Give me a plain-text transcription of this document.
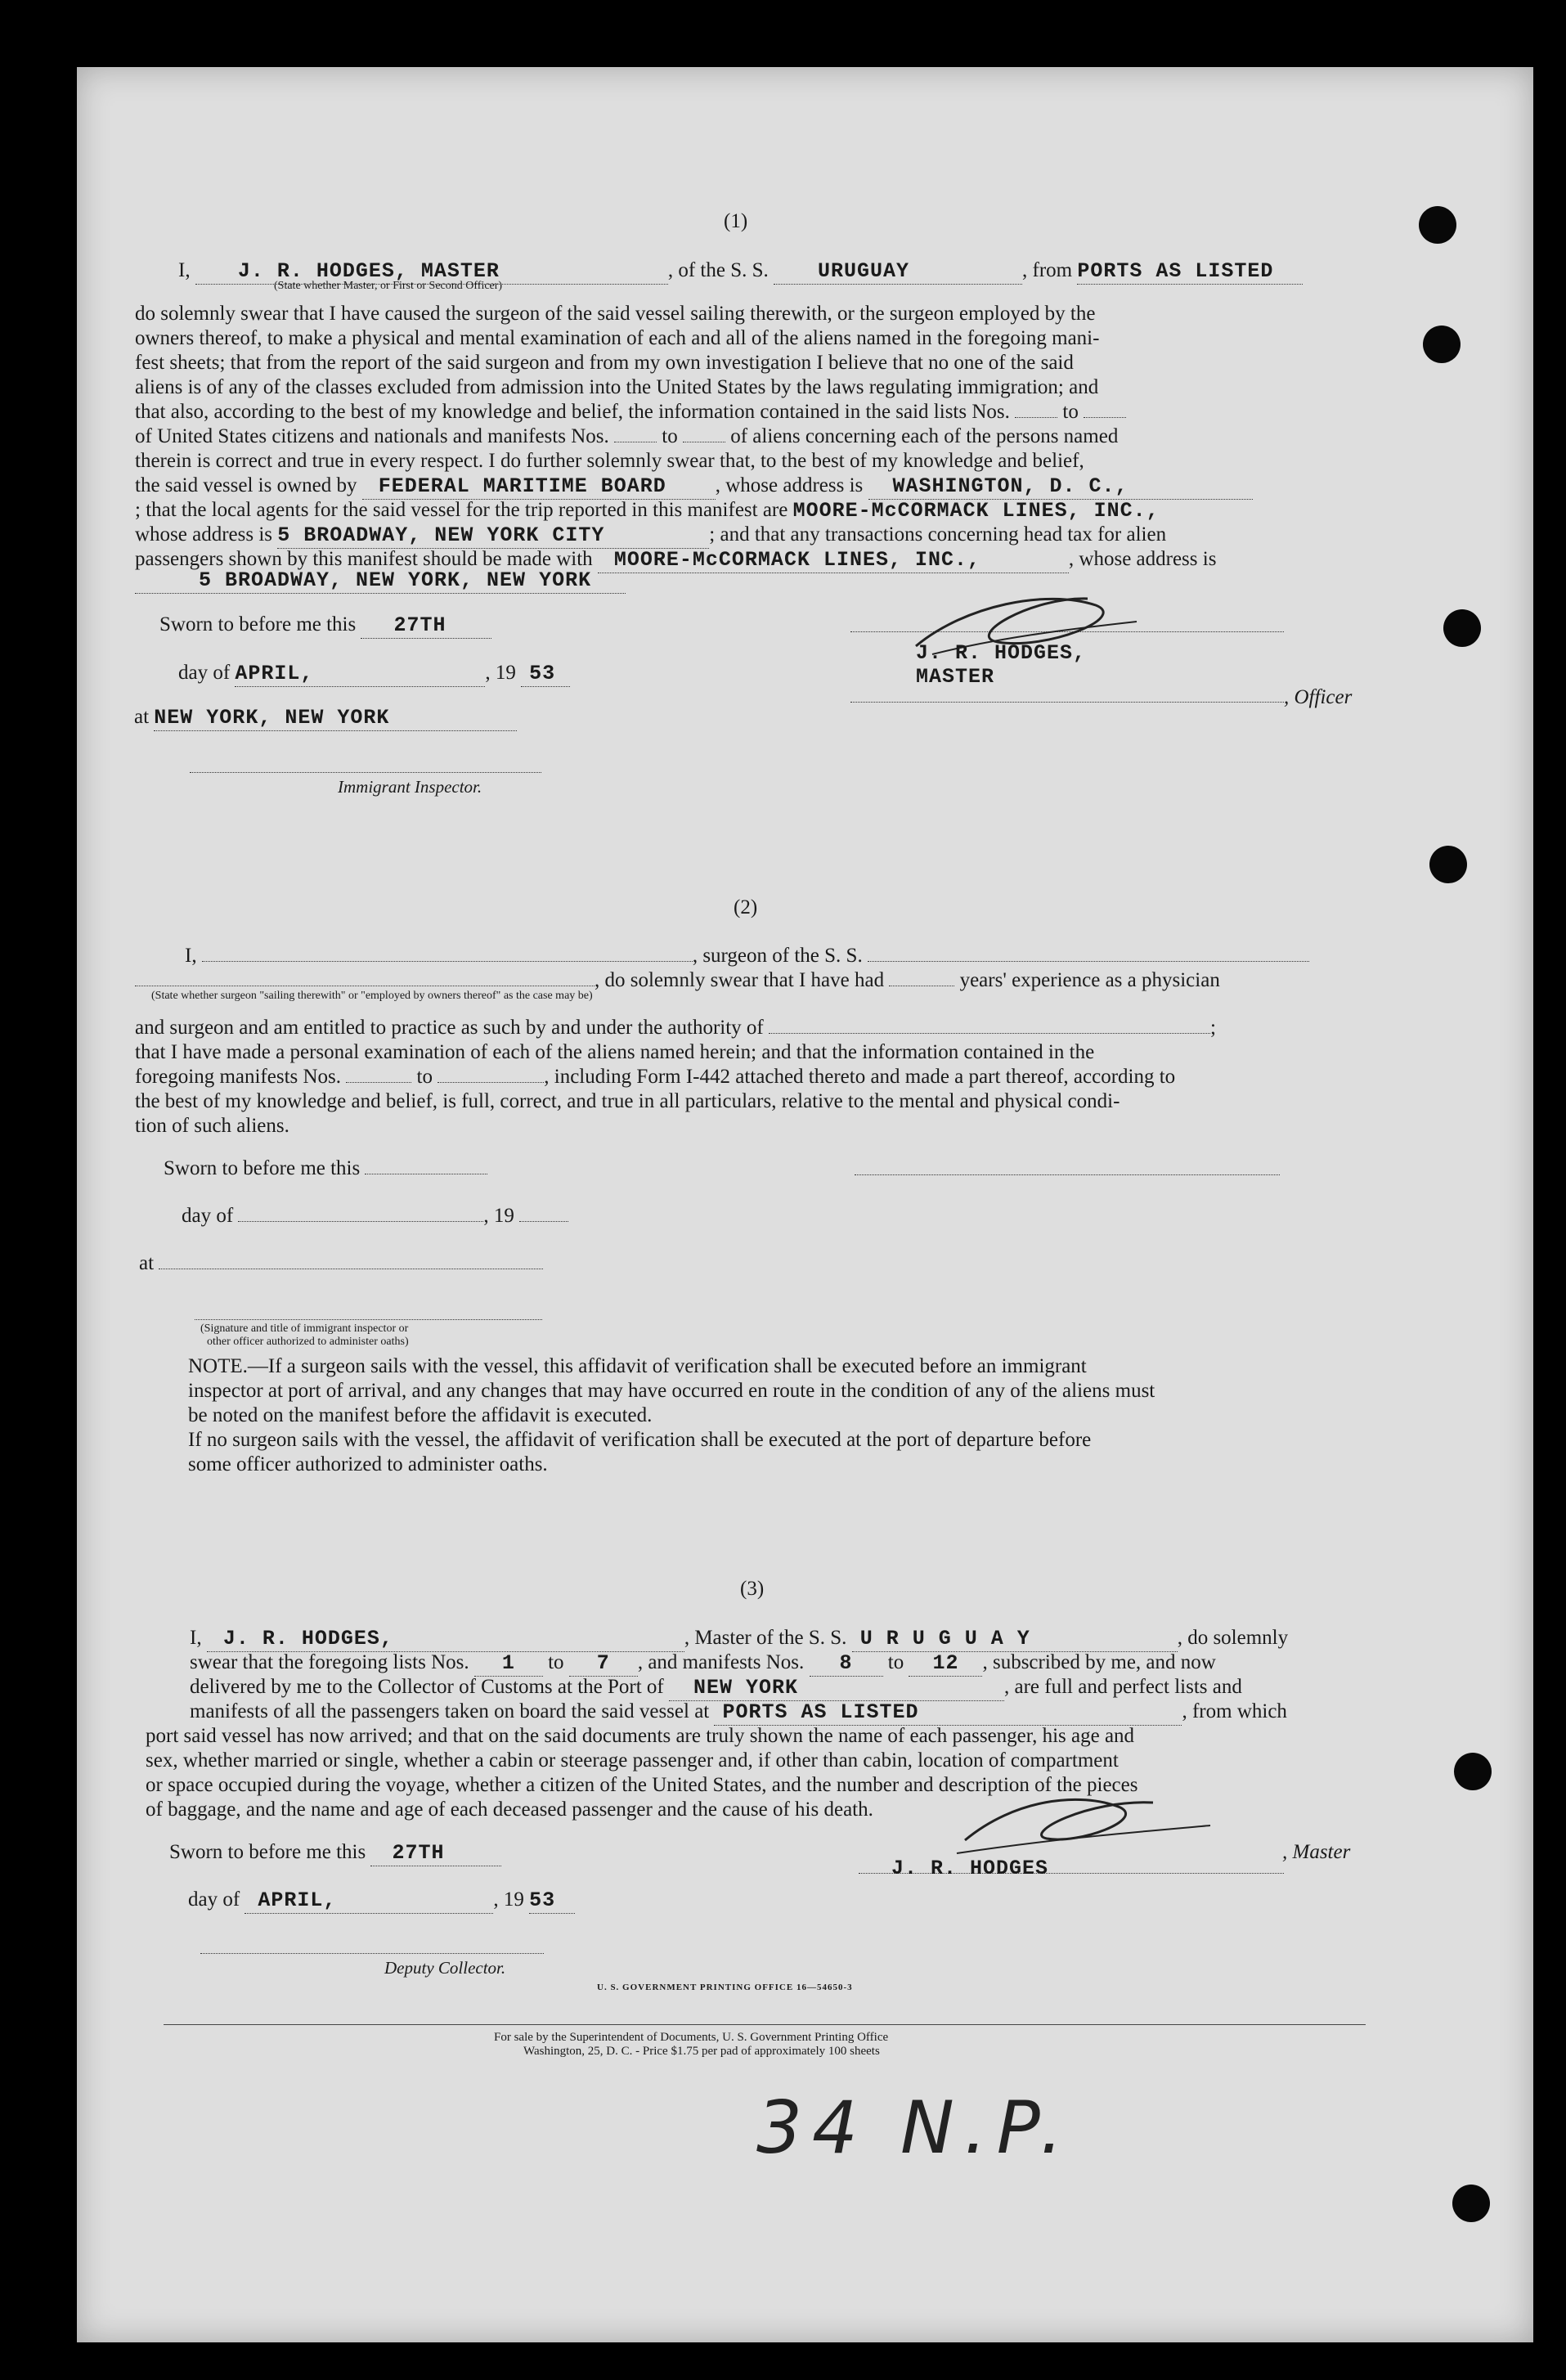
(1)
I, J. R. HODGES, MASTER	, of the S. S. URUGUAY	, from PORTS AS LISTED
(State whether Master, or First or Second Officer)
do solemnly swear that I have caused the surgeon of the said vessel sailing therewith, or the surgeon employed by the
owners thereof, to make a physical and mental examination of each and all of the aliens named in the foregoing mani-
fest sheets; that from the report of the said surgeon and from my own investigation I believe that no one of the said
aliens is of any of the classes excluded from admission into the United States by the laws regulating immigration; and
that also, according to the best of my knowledge and belief, the information contained in the said lists Nos.	to
of United States citizens and nationals and manifests Nos.	to	of aliens concerning each of the persons named
therein is correct and true in every respect. I do further solemnly swear that, to the best of my knowledge and belief,
the said vessel is owned by FEDERAL MARITIME BOARD , whose address is WASHINGTON, D. C.,
; that the local agents for the said vessel for the trip reported in this manifest are MOORE-McCORMACK LINES, INC.,
whose address is 5 BROADWAY, NEW YORK CITY	; and that any transactions concerning head tax for alien
passengers shown by this manifest should be made with MOORE-McCORMACK LINES, INC.,	, whose address is
5 BROADWAY, NEW YORK, NEW YORK
Sworn to before me this 27TH
day of APRIL,	, 19 53
at NEW YORK, NEW YORK
Immigrant Inspector.
J. R. HODGES,
MASTER
, Officer
(2)
I,	, surgeon of the S. S.
, do solemnly swear that I have had	years' experience as a physician
(State whether surgeon "sailing therewith" or "employed by owners thereof" as the case may be)
and surgeon and am entitled to practice as such by and under the authority of	;
that I have made a personal examination of each of the aliens named herein; and that the information contained in the
foregoing manifests Nos.	to	, including Form I-442 attached thereto and made a part thereof, according to
the best of my knowledge and belief, is full, correct, and true in all particulars, relative to the mental and physical condi-
tion of such aliens.
Sworn to before me this
day of	, 19
at
(Signature and title of immigrant inspector or
other officer authorized to administer oaths)
NOTE.—If a surgeon sails with the vessel, this affidavit of verification shall be executed before an immigrant
inspector at port of arrival, and any changes that may have occurred en route in the condition of any of the aliens must
be noted on the manifest before the affidavit is executed.
If no surgeon sails with the vessel, the affidavit of verification shall be executed at the port of departure before
some officer authorized to administer oaths.
(3)
I, J. R. HODGES,	, Master of the S. S. U R U G U A Y	, do solemnly
swear that the foregoing lists Nos. 1 to 7 , and manifests Nos. 8 to 12 , subscribed by me, and now
delivered by me to the Collector of Customs at the Port of NEW YORK	, are full and perfect lists and
manifests of all the passengers taken on board the said vessel at PORTS AS LISTED	, from which
port said vessel has now arrived; and that on the said documents are truly shown the name of each passenger, his age and
sex, whether married or single, whether a cabin or steerage passenger and, if other than cabin, location of compartment
or space occupied during the voyage, whether a citizen of the United States, and the number and description of the pieces
of baggage, and the name and age of each deceased passenger and the cause of his death.
Sworn to before me this 27TH
day of APRIL,	, 19 53
Deputy Collector.
J. R. HODGES
, Master
U. S. GOVERNMENT PRINTING OFFICE 16—54650-3
For sale by the Superintendent of Documents, U. S. Government Printing Office
Washington, 25, D. C. - Price $1.75 per pad of approximately 100 sheets
34 N.P.
